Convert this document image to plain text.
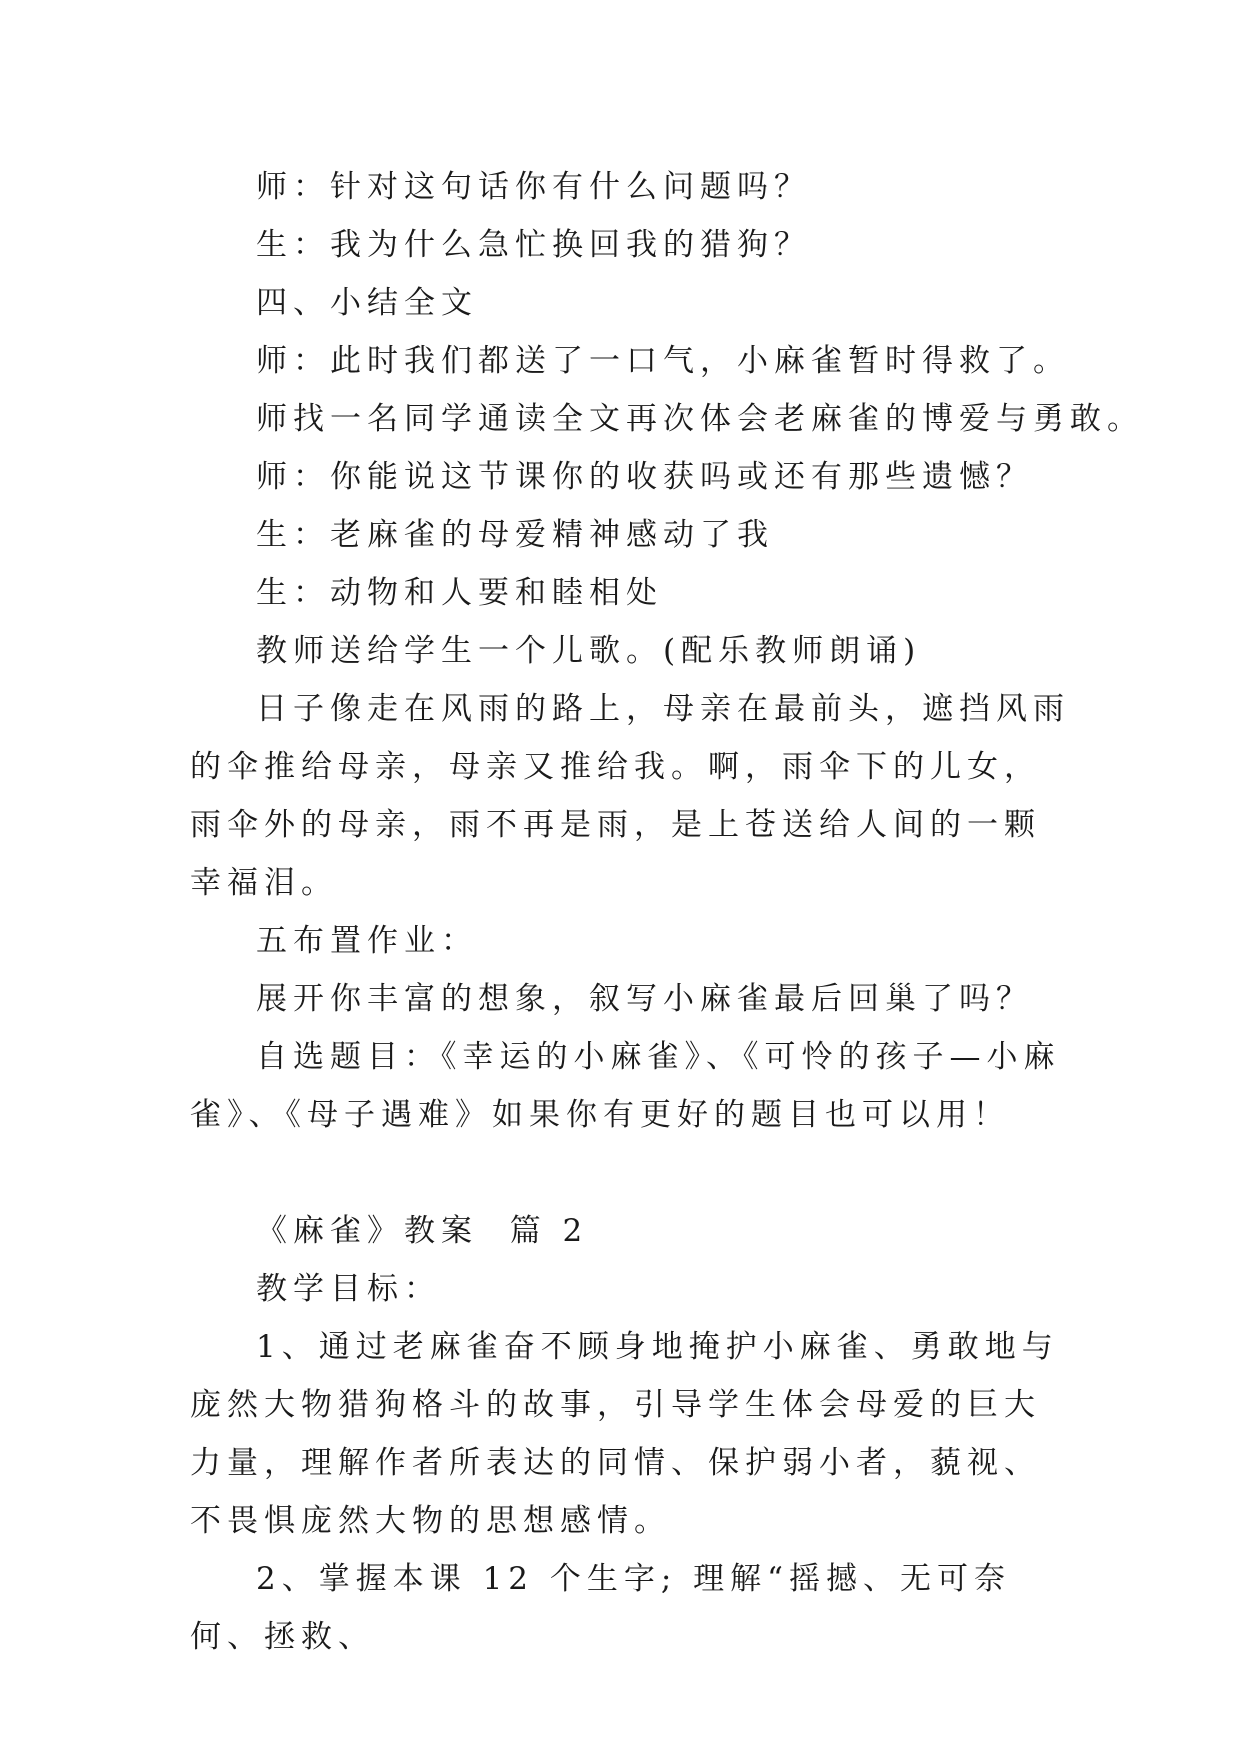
师：针对这句话你有什么问题吗？

生：我为什么急忙换回我的猎狗？

四、小结全文

师：此时我们都送了一口气，小麻雀暂时得救了。

师找一名同学通读全文再次体会老麻雀的博爱与勇敢。

师：你能说这节课你的收获吗或还有那些遗憾？

生：老麻雀的母爱精神感动了我

生：动物和人要和睦相处

教师送给学生一个儿歌。(配乐教师朗诵)

日子像走在风雨的路上，母亲在最前头，遮挡风雨的伞推给母亲，母亲又推给我。啊，雨伞下的儿女，雨伞外的母亲，雨不再是雨，是上苍送给人间的一颗幸福泪。

五布置作业：

展开你丰富的想象，叙写小麻雀最后回巢了吗？

自选题目：《幸运的小麻雀》、《可怜的孩子—小麻雀》、《母子遇难》如果你有更好的题目也可以用！

《麻雀》教案  篇 2

教学目标：

1、通过老麻雀奋不顾身地掩护小麻雀、勇敢地与庞然大物猎狗格斗的故事，引导学生体会母爱的巨大力量，理解作者所表达的同情、保护弱小者，藐视、不畏惧庞然大物的思想感情。

2、掌握本课 12 个生字; 理解“摇撼、无可奈何、拯救、
